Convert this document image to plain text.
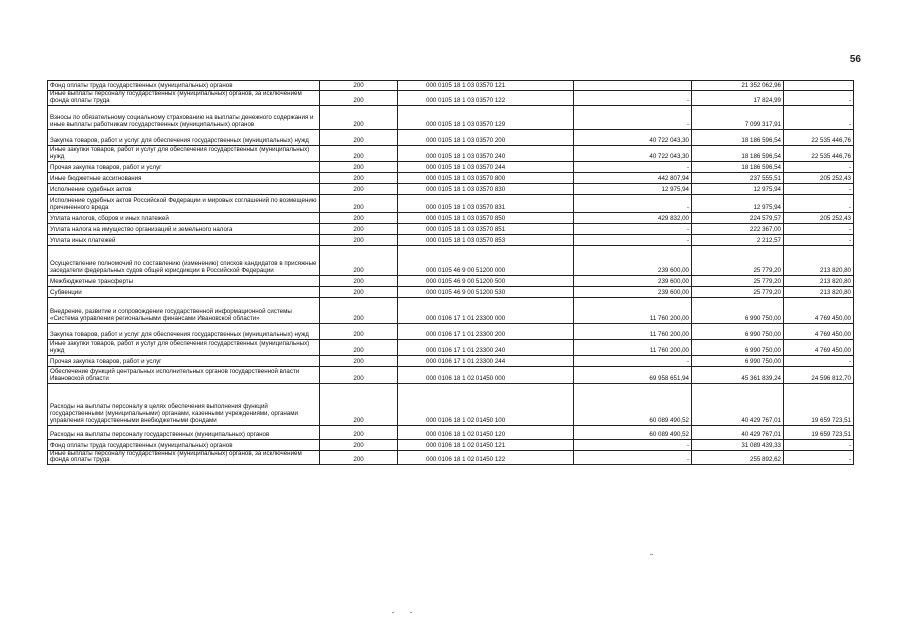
56
Фонд оплаты труда государственных (муниципальных) органов	200	000 0105 18 1 03 03570 121		21 352 062,96	
Иные выплаты персоналу государственных (муниципальных) органов, за исключением фонда оплаты труда	200	000 0105 18 1 03 03570 122	-	17 824,99	-
Взносы по обязательному социальному страхованию на выплаты денежного содержания и иные выплаты работникам государственных (муниципальных) органов	200	000 0105 18 1 03 03570 129	-	7 099 317,91	-
Закупка товаров, работ и услуг для обеспечения государственных (муниципальных) нужд	200	000 0105 18 1 03 03570 200	40 722 043,30	18 186 596,54	22 535 446,76
Иные закупки товаров, работ и услуг для обеспечения государственных (муниципальных) нужд	200	000 0105 18 1 03 03570 240	40 722 043,30	18 186 596,54	22 535 446,76
Прочая закупка товаров, работ и услуг	200	000 0105 18 1 03 03570 244	-	18 186 596,54	-
Иные бюджетные ассигнования	200	000 0105 18 1 03 03570 800	442 807,94	237 555,51	205 252,43
Исполнение судебных актов	200	000 0105 18 1 03 03570 830	12 975,94	12 975,94	-
Исполнение судебных актов Российской Федерации и мировых соглашений по возмещению причиненного вреда	200	000 0105 18 1 03 03570 831	-	12 975,94	-
Уплата налогов, сборов и иных платежей	200	000 0105 18 1 03 03570 850	429 832,00	224 579,57	205 252,43
Уплата налога на имущество организаций и земельного налога	200	000 0105 18 1 03 03570 851	-	222 367,00	-
Уплата иных платежей	200	000 0105 18 1 03 03570 853	-	2 212,57	-
Осуществление полномочий по составлению (изменению) списков кандидатов в присяжные заседатели федеральных судов общей юрисдикции в Российской Федерации	200	000 0105 46 9 00 51200 000	239 600,00	25 779,20	213 820,80
Межбюджетные трансферты	200	000 0105 46 9 00 51200 500	239 600,00	25 779,20	213 820,80
Субвенции	200	000 0105 46 9 00 51200 530	239 600,00	25 779,20	213 820,80
Внедрение, развитие и сопровождение государственной информационной системы «Система управления региональными финансами Ивановской области»	200	000 0106 17 1 01 23300 000	11 760 200,00	6 990 750,00	4 769 450,00
Закупка товаров, работ и услуг для обеспечения государственных (муниципальных) нужд	200	000 0106 17 1 01 23300 200	11 760 200,00	6 990 750,00	4 769 450,00
Иные закупки товаров, работ и услуг для обеспечения государственных (муниципальных) нужд	200	000 0106 17 1 01 23300 240	11 760 200,00	6 990 750,00	4 769 450,00
Прочая закупка товаров, работ и услуг	200	000 0106 17 1 01 23300 244	-	6 990 750,00	-
Обеспечение функций центральных исполнительных органов государственной власти Ивановской области	200	000 0106 18 1 02 01450 000	69 958 651,94	45 361 839,24	24 596 812,70
Расходы на выплаты персоналу в целях обеспечения выполнения функций государственными (муниципальными) органами, казенными учреждениями, органами управления государственными внебюджетными фондами	200	000 0106 18 1 02 01450 100	60 089 490,52	40 429 767,01	19 659 723,51
Расходы на выплаты персоналу государственных (муниципальных) органов	200	000 0106 18 1 02 01450 120	60 089 490,52	40 429 767,01	19 659 723,51
Фонд оплаты труда государственных (муниципальных) органов	200	000 0106 18 1 02 01450 121	-	31 089 439,33	-
Иные выплаты персоналу государственных (муниципальных) органов, за исключением фонда оплаты труда	200	000 0106 18 1 02 01450 122	-	255 892,62	-
